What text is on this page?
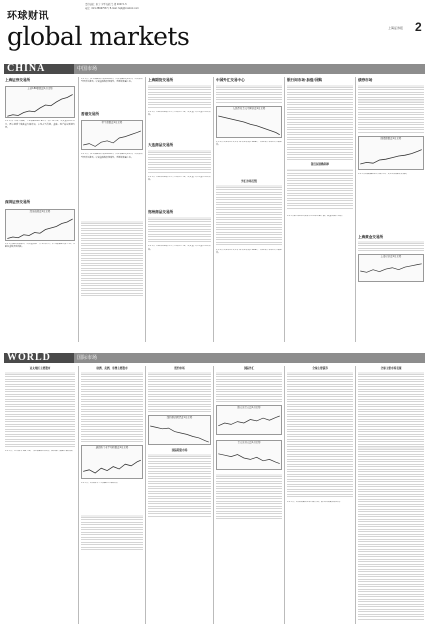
责任编辑：朱宇 李琴 编辑 吴 周 2007.1.5
电话：021-38967537 / E-mail: hqbj@cnstock.com
环球财讯
global markets	上海证券报 2
CHINA	中国市场
上海证券交易所
上证180指数近1月走势
1月1日沪市股票指数，上证指数2007.41点，较上周大涨，成交金额明显放大，两市涨停个股数量大幅增加，市场人气高涨，金融、地产板块领涨大盘。
深圳证券交易所
深证成指近1月走势
1月1日深证成指收盘，成交量较前一日有所放大，中小板指数同步上扬，多数权重股表现活跃。
1月1日，恒生指数收市报20310点，国企指数同步走高，成交额增至四百亿港元。中资金融股表现强势，蓝筹股普遍上扬。
香港交易所
恒生指数近1月走势
1月1日，恒生指数收市报20310点，国企指数同步走高，成交额增至四百亿港元。中资金融股表现强势，蓝筹股普遍上扬。
上海期货交易所
1月1日上期所铜期货主力合约收盘上涨，成交量与持仓量均有所增加。
大连商品交易所
1月1日上期所铜期货主力合约收盘上涨，成交量与持仓量均有所增加。
郑州商品交易所
1月1日上期所铜期货主力合约收盘上涨，成交量与持仓量均有所增加。
中国外汇交易中心
人民币兑美元中间价近1月走势
1月1日人民币对美元汇率中间价报7.8087，人民币汇率继续小幅走高。
外汇市场行情
1月1日人民币对美元汇率中间价报7.8087，人民币汇率继续小幅走高。
银行间市场·拆借/回购
银行间回购利率
1月1日银行间同业拆借市场利率多数下跌，资金面保持宽松。
债券市场
国债指数近1月走势
1月1日国债指数继续小幅上扬，交易所国债成交活跃。
上海黄金交易所
上海金价近1月走势
WORLD	国际市场
亚太地区主要股市
1月1日，亚太股市多数上涨，日经指数继续走高，韩国综合指数小幅回落。
欧洲、美洲、非洲主要股市
道琼斯工业平均指数近1月走势
1月1日，美国股市三大指数均小幅收高。
纽约市场
纽约原油期货近1月走势
国际期货市场
国际外汇
欧元兑美元近1月走势
美元兑日元近1月走势
全球主要债券
1月1日，美国国债收益率小幅下降，欧元区国债价格走高。
全球主要市场表现
